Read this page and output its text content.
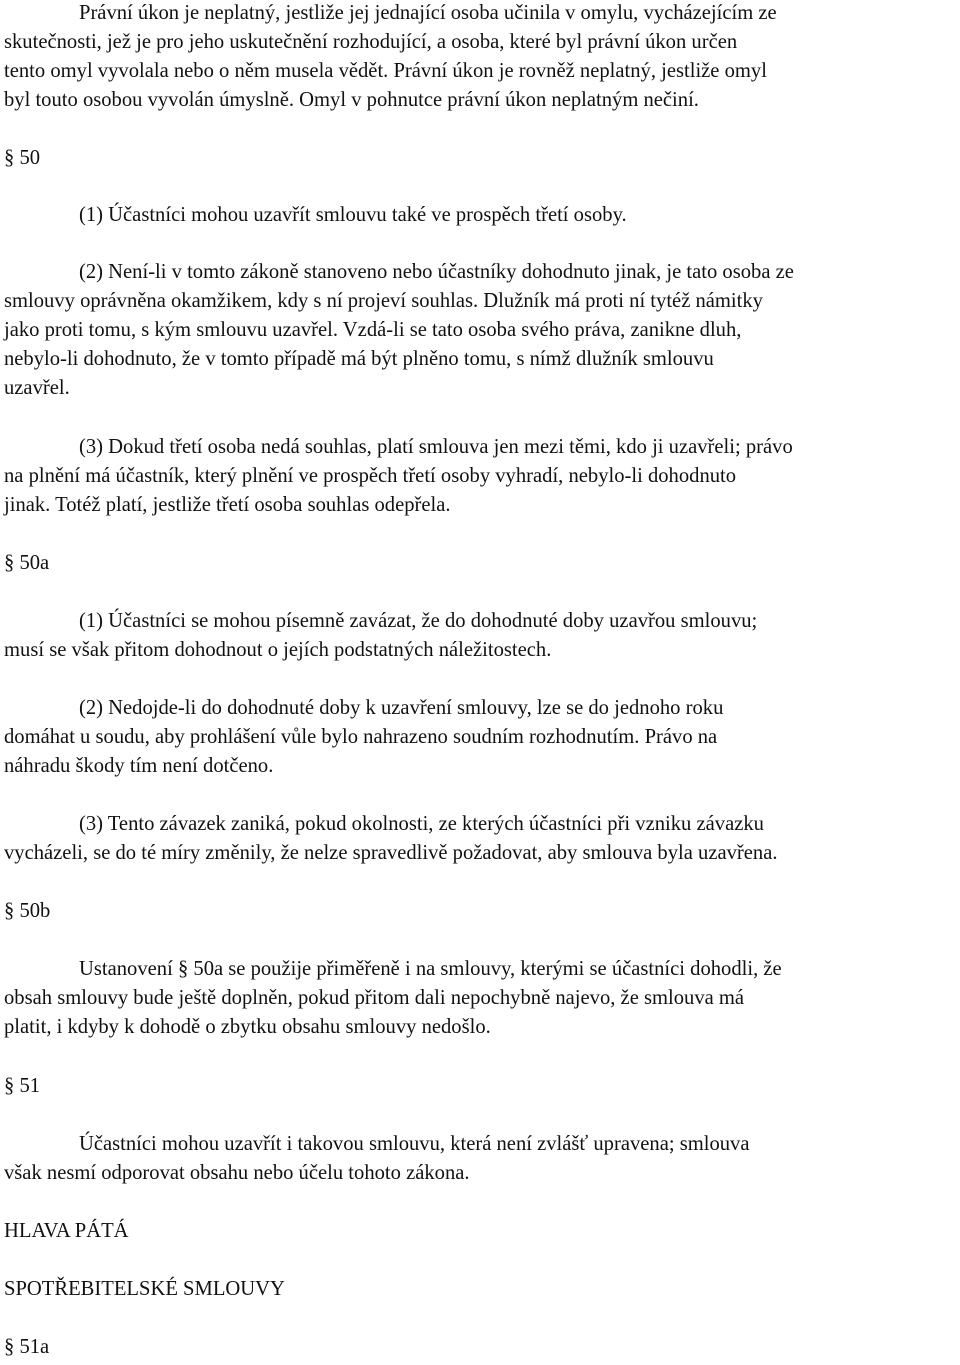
Právní úkon je neplatný, jestliže jej jednající osoba učinila v omylu, vycházejícím ze

skutečnosti, jež je pro jeho uskutečnění rozhodující, a osoba, které byl právní úkon určen

tento omyl vyvolala nebo o něm musela vědět. Právní úkon je rovněž neplatný, jestliže omyl

byl touto osobou vyvolán úmyslně. Omyl v pohnutce právní úkon neplatným nečiní.

§ 50

(1) Účastníci mohou uzavřít smlouvu také ve prospěch třetí osoby.

(2) Není-li v tomto zákoně stanoveno nebo účastníky dohodnuto jinak, je tato osoba ze

smlouvy oprávněna okamžikem, kdy s ní projeví souhlas. Dlužník má proti ní tytéž námitky

jako proti tomu, s kým smlouvu uzavřel. Vzdá-li se tato osoba svého práva, zanikne dluh,

nebylo-li dohodnuto, že v tomto případě má být plněno tomu, s nímž dlužník smlouvu

uzavřel.

(3) Dokud třetí osoba nedá souhlas, platí smlouva jen mezi těmi, kdo ji uzavřeli; právo

na plnění má účastník, který plnění ve prospěch třetí osoby vyhradí, nebylo-li dohodnuto

jinak. Totéž platí, jestliže třetí osoba souhlas odepřela.

§ 50a

(1) Účastníci se mohou písemně zavázat, že do dohodnuté doby uzavřou smlouvu;

musí se však přitom dohodnout o jejích podstatných náležitostech.

(2) Nedojde-li do dohodnuté doby k uzavření smlouvy, lze se do jednoho roku

domáhat u soudu, aby prohlášení vůle bylo nahrazeno soudním rozhodnutím. Právo na

náhradu škody tím není dotčeno.

(3) Tento závazek zaniká, pokud okolnosti, ze kterých účastníci při vzniku závazku

vycházeli, se do té míry změnily, že nelze spravedlivě požadovat, aby smlouva byla uzavřena.

§ 50b

Ustanovení § 50a se použije přiměřeně i na smlouvy, kterými se účastníci dohodli, že

obsah smlouvy bude ještě doplněn, pokud přitom dali nepochybně najevo, že smlouva má

platit, i kdyby k dohodě o zbytku obsahu smlouvy nedošlo.

§ 51

Účastníci mohou uzavřít i takovou smlouvu, která není zvlášť upravena; smlouva

však nesmí odporovat obsahu nebo účelu tohoto zákona.

HLAVA PÁTÁ

SPOTŘEBITELSKÉ SMLOUVY

§ 51a
